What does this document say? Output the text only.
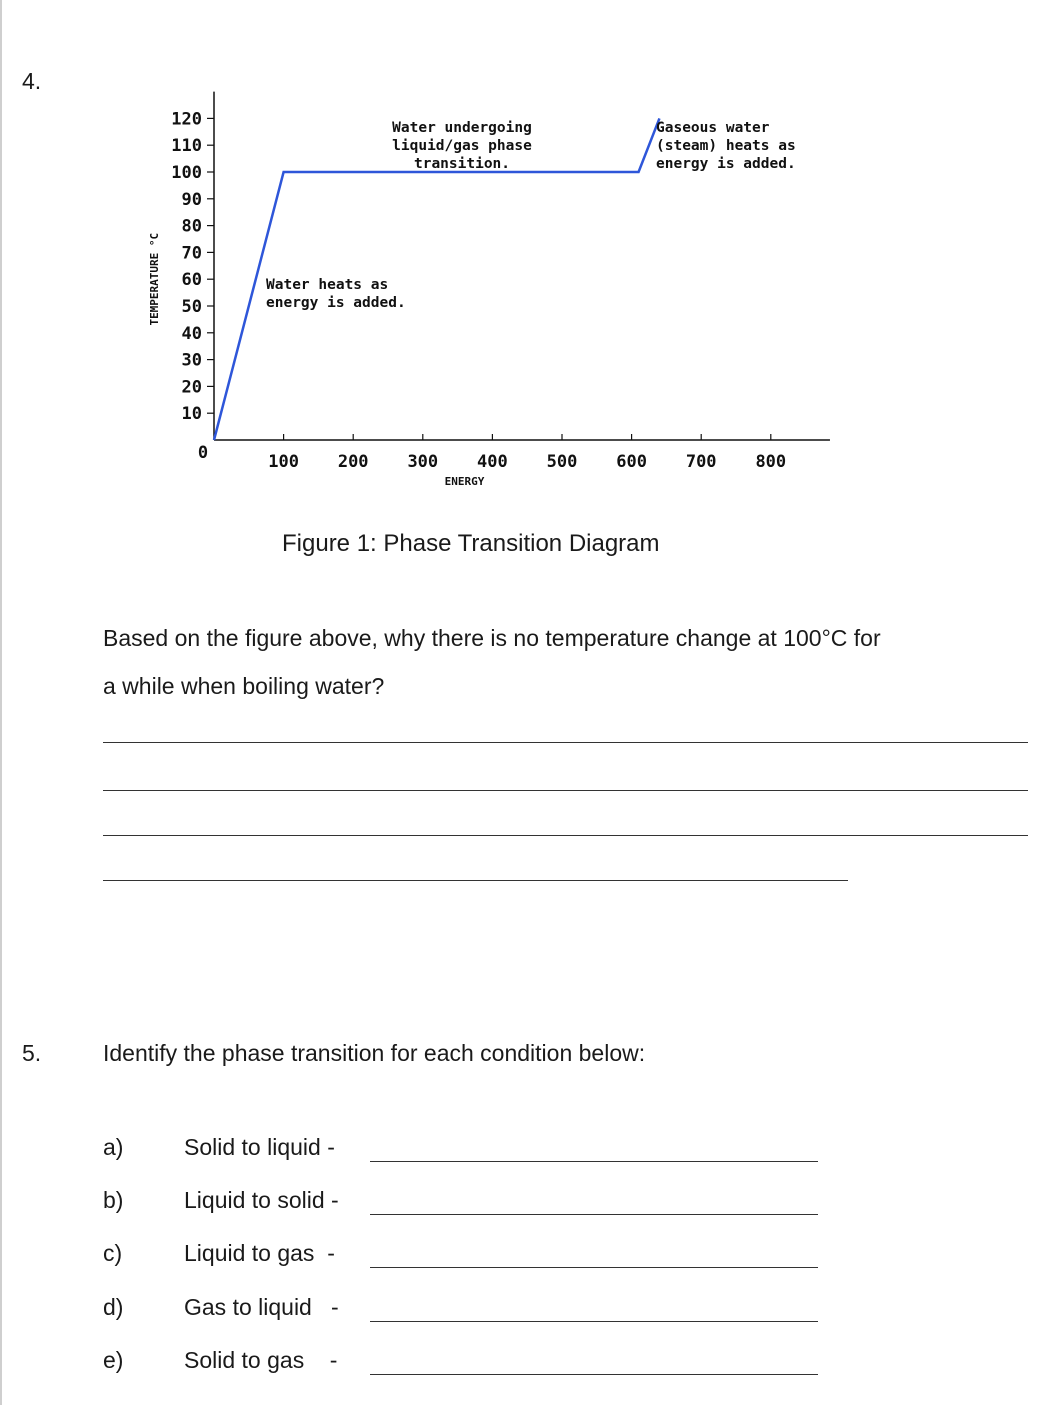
4.
10
20
30
40
50
60
70
80
90
100
110
120
0
TEMPERATURE °C
100 200 300 400 500 600 700 800
ENERGY
Water undergoing liquid/gas phase transition.
Gaseous water (steam) heats as energy is added.
Water heats as energy is added.
Figure 1: Phase Transition Diagram
Based on the figure above, why there is no temperature change at 100°C for
a while when boiling water?
5.	Identify the phase transition for each condition below:
a)	Solid to liquid -
b)	Liquid to solid -
c)	Liquid to gas  -
d)	Gas to liquid   -
e)	Solid to gas    -
